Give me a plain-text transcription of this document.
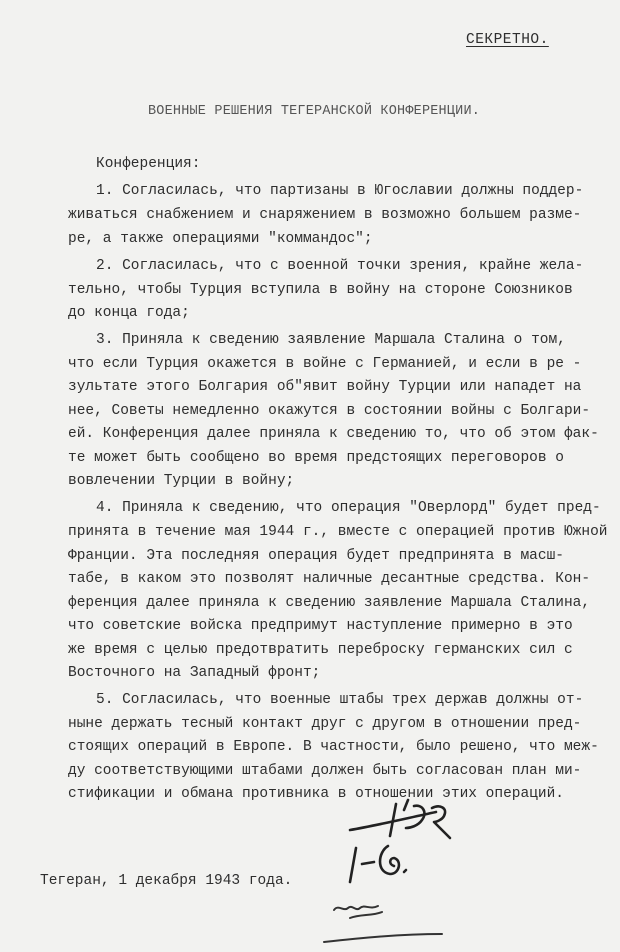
СЕКРЕТНО.
ВОЕННЫЕ РЕШЕНИЯ ТЕГЕРАНСКОЙ КОНФЕРЕНЦИИ.
Конференция:
1. Согласилась, что партизаны в Югославии должны поддер-
живаться снабжением и снаряжением в возможно большем разме-
ре, а также операциями "коммандос";
2. Согласилась, что с военной точки зрения, крайне жела-
тельно, чтобы Турция вступила в войну на стороне Союзников
до конца года;
3. Приняла к сведению заявление Маршала Сталина о том,
что если Турция окажется в войне с Германией, и если в ре -
зультате этого Болгария об"явит войну Турции или нападет на
нее, Советы немедленно окажутся в состоянии войны с Болгари-
ей. Конференция далее приняла к сведению то, что об этом фак-
те может быть сообщено во время предстоящих переговоров о
вовлечении Турции в войну;
4. Приняла к сведению, что операция "Оверлорд" будет пред-
принята в течение мая 1944 г., вместе с операцией против Южной
Франции. Эта последняя операция будет предпринята в масш-
табе, в каком это позволят наличные десантные средства. Кон-
ференция далее приняла к сведению заявление Маршала Сталина,
что советские войска предпримут наступление примерно в это
же время с целью предотвратить переброску германских сил с
Восточного на Западный фронт;
5. Согласилась, что военные штабы трех держав должны от-
ныне держать тесный контакт друг с другом в отношении пред-
стоящих операций в Европе. В частности, было решено, что меж-
ду соответствующими штабами должен быть согласован план ми-
стификации и обмана противника в отношении этих операций.
Тегеран, 1 декабря 1943 года.
